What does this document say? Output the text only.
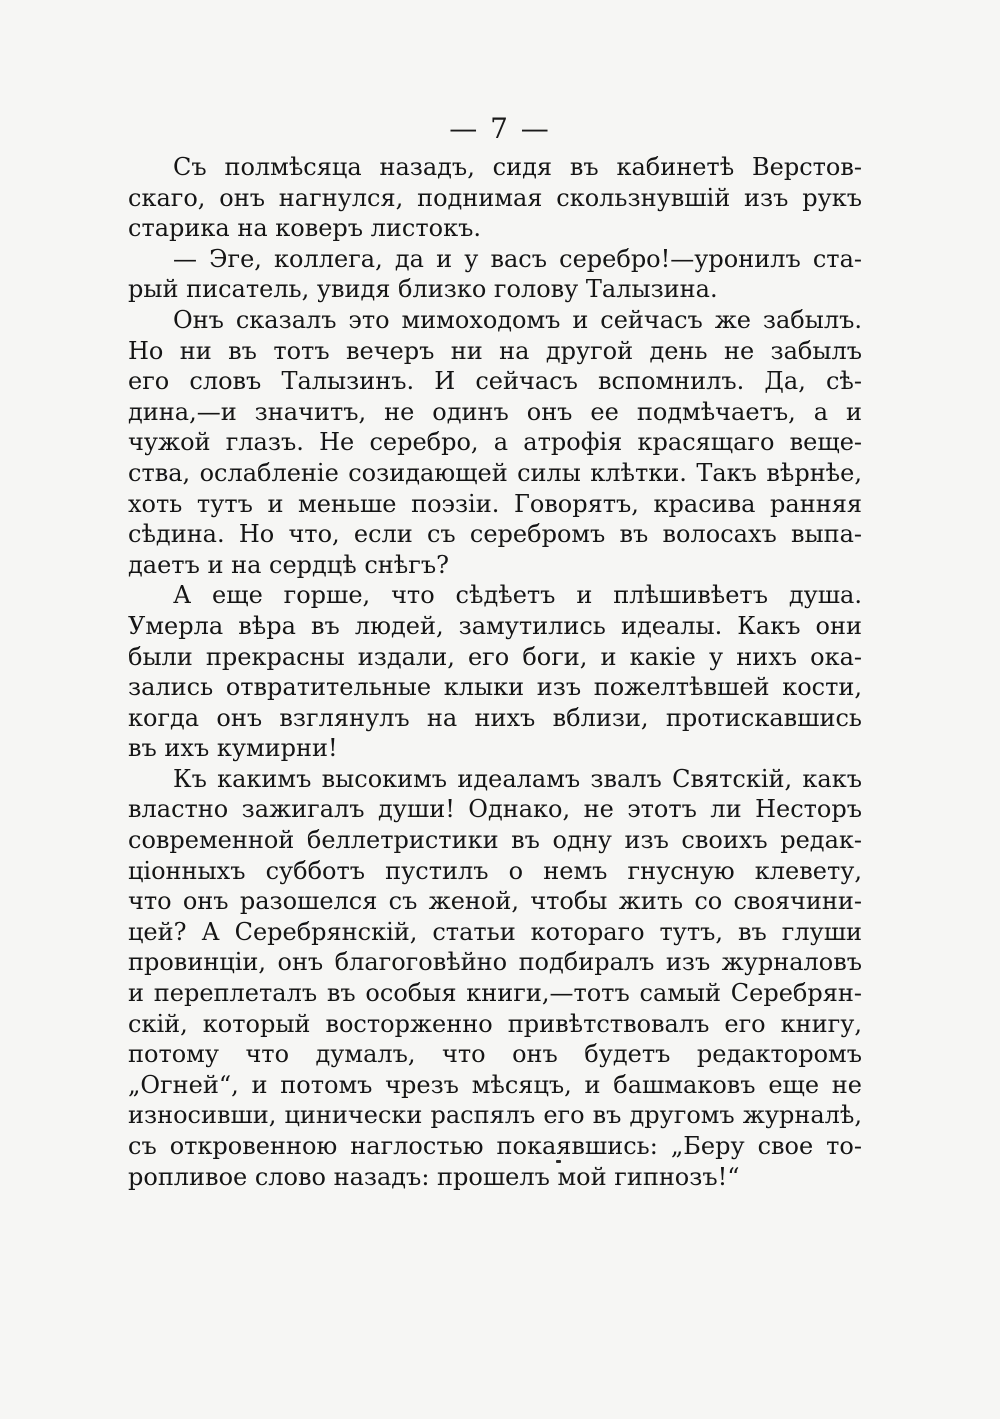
— 7 —
Съ полмѣсяца назадъ, сидя въ кабинетѣ Верстов-
скаго, онъ нагнулся, поднимая скользнувшій изъ рукъ
старика на коверъ листокъ.
— Эге, коллега, да и у васъ серебро!—уронилъ ста-
рый писатель, увидя близко голову Талызина.
Онъ сказалъ это мимоходомъ и сейчасъ же забылъ.
Но ни въ тотъ вечеръ ни на другой день не забылъ
его словъ Талызинъ. И сейчасъ вспомнилъ. Да, сѣ-
дина,—и значитъ, не одинъ онъ ее подмѣчаетъ, а и
чужой глазъ. Не серебро, а атрофія красящаго веще-
ства, ослабленіе созидающей силы клѣтки. Такъ вѣрнѣе,
хоть тутъ и меньше поэзіи. Говорятъ, красива ранняя
сѣдина. Но что, если съ серебромъ въ волосахъ выпа-
даетъ и на сердцѣ снѣгъ?
А еще горше, что сѣдѣетъ и плѣшивѣетъ душа.
Умерла вѣра въ людей, замутились идеалы. Какъ они
были прекрасны издали, его боги, и какіе у нихъ ока-
зались отвратительные клыки изъ пожелтѣвшей кости,
когда онъ взглянулъ на нихъ вблизи, протискавшись
въ ихъ кумирни!
Къ какимъ высокимъ идеаламъ звалъ Святскій, какъ
властно зажигалъ души! Однако, не этотъ ли Несторъ
современной беллетристики въ одну изъ своихъ редак-
ціонныхъ субботъ пустилъ о немъ гнусную клевету,
что онъ разошелся съ женой, чтобы жить со своячини-
цей? А Серебрянскій, статьи котораго тутъ, въ глуши
провинціи, онъ благоговѣйно подбиралъ изъ журналовъ
и переплеталъ въ особыя книги,—тотъ самый Серебрян-
скій, который восторженно привѣтствовалъ его книгу,
потому что думалъ, что онъ будетъ редакторомъ
„Огней“, и потомъ чрезъ мѣсяцъ, и башмаковъ еще не
износивши, цинически распялъ его въ другомъ журналѣ,
съ откровенною наглостью покаявшись: „Беру свое то-
ропливое слово назадъ: прошелъ мой гипнозъ!“
